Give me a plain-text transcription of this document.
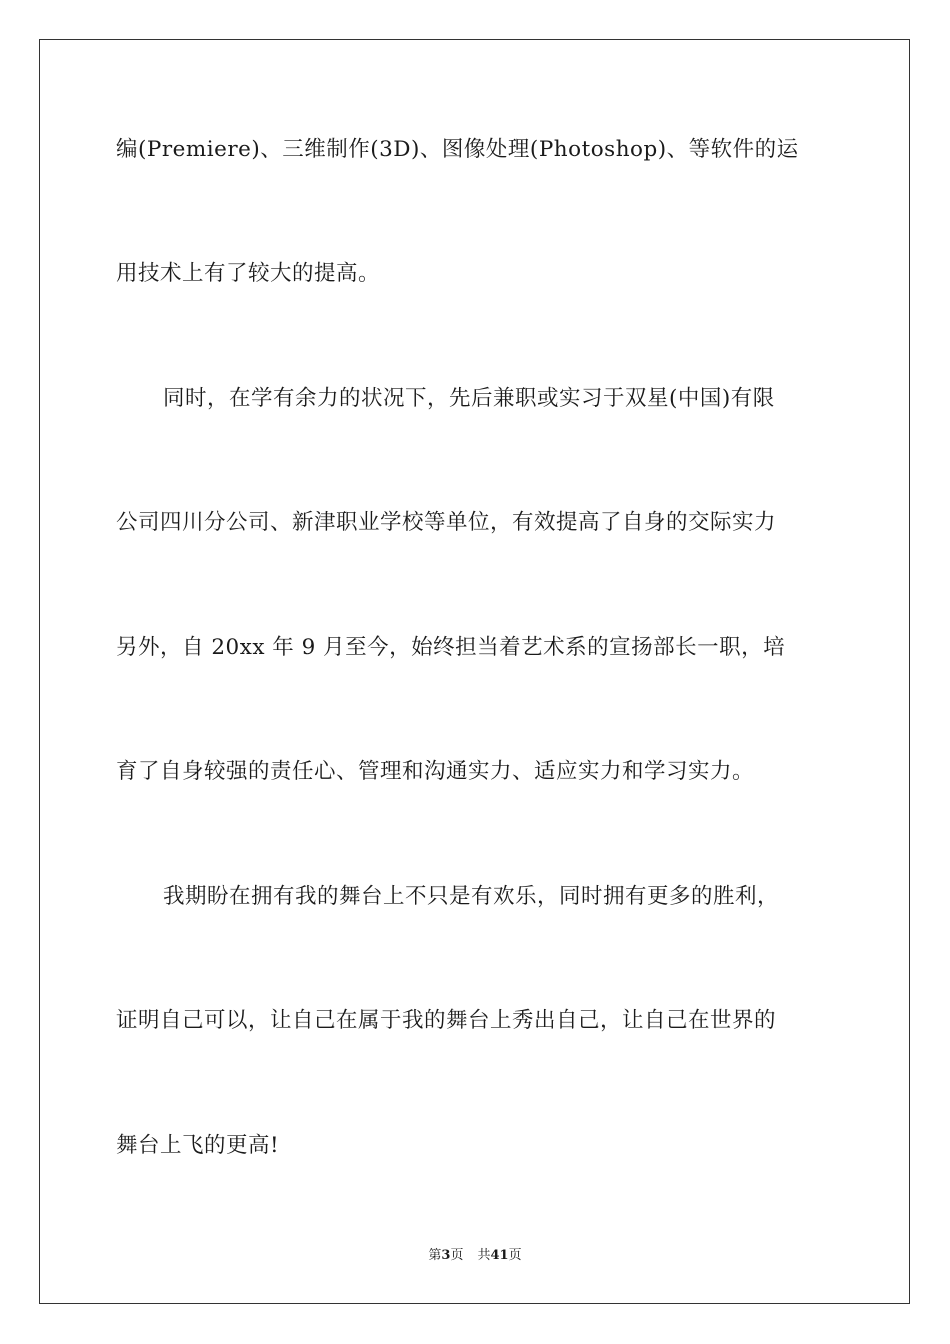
编(Premiere)、三维制作(3D)、图像处理(Photoshop)、等软件的运
用技术上有了较大的提高。
同时，在学有余力的状况下，先后兼职或实习于双星(中国)有限
公司四川分公司、新津职业学校等单位，有效提高了自身的交际实力
另外，自 20xx 年 9 月至今，始终担当着艺术系的宣扬部长一职，培
育了自身较强的责任心、管理和沟通实力、适应实力和学习实力。
我期盼在拥有我的舞台上不只是有欢乐，同时拥有更多的胜利，
证明自己可以，让自己在属于我的舞台上秀出自己，让自己在世界的
舞台上飞的更高!
第3页 共41页
